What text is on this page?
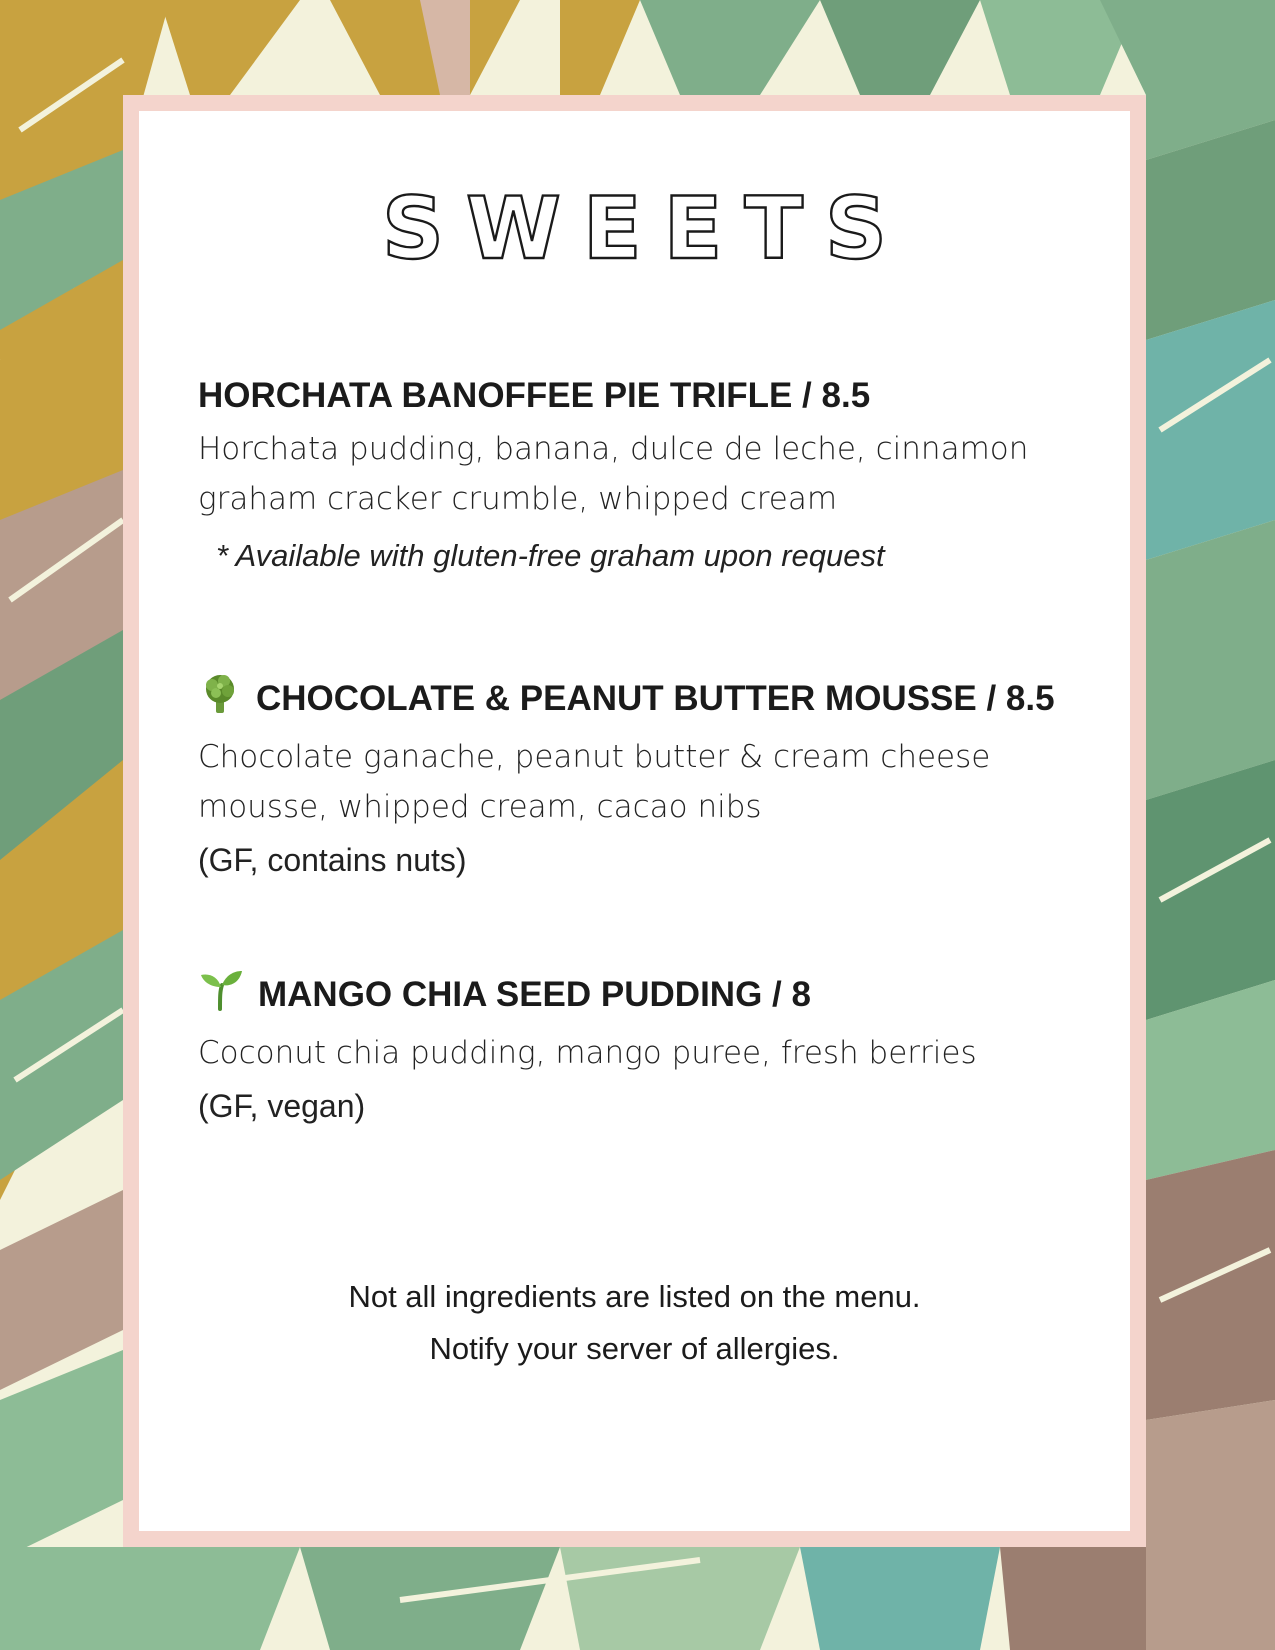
SWEETS
HORCHATA BANOFFEE PIE TRIFLE / 8.5
Horchata pudding, banana, dulce de leche, cinnamon
graham cracker crumble, whipped cream
* Available with gluten-free graham upon request
CHOCOLATE & PEANUT BUTTER MOUSSE / 8.5
Chocolate ganache, peanut butter & cream cheese
mousse, whipped cream, cacao nibs
(GF, contains nuts)
MANGO CHIA SEED PUDDING / 8
Coconut chia pudding, mango puree, fresh berries
(GF, vegan)
Not all ingredients are listed on the menu.
Notify your server of allergies.
